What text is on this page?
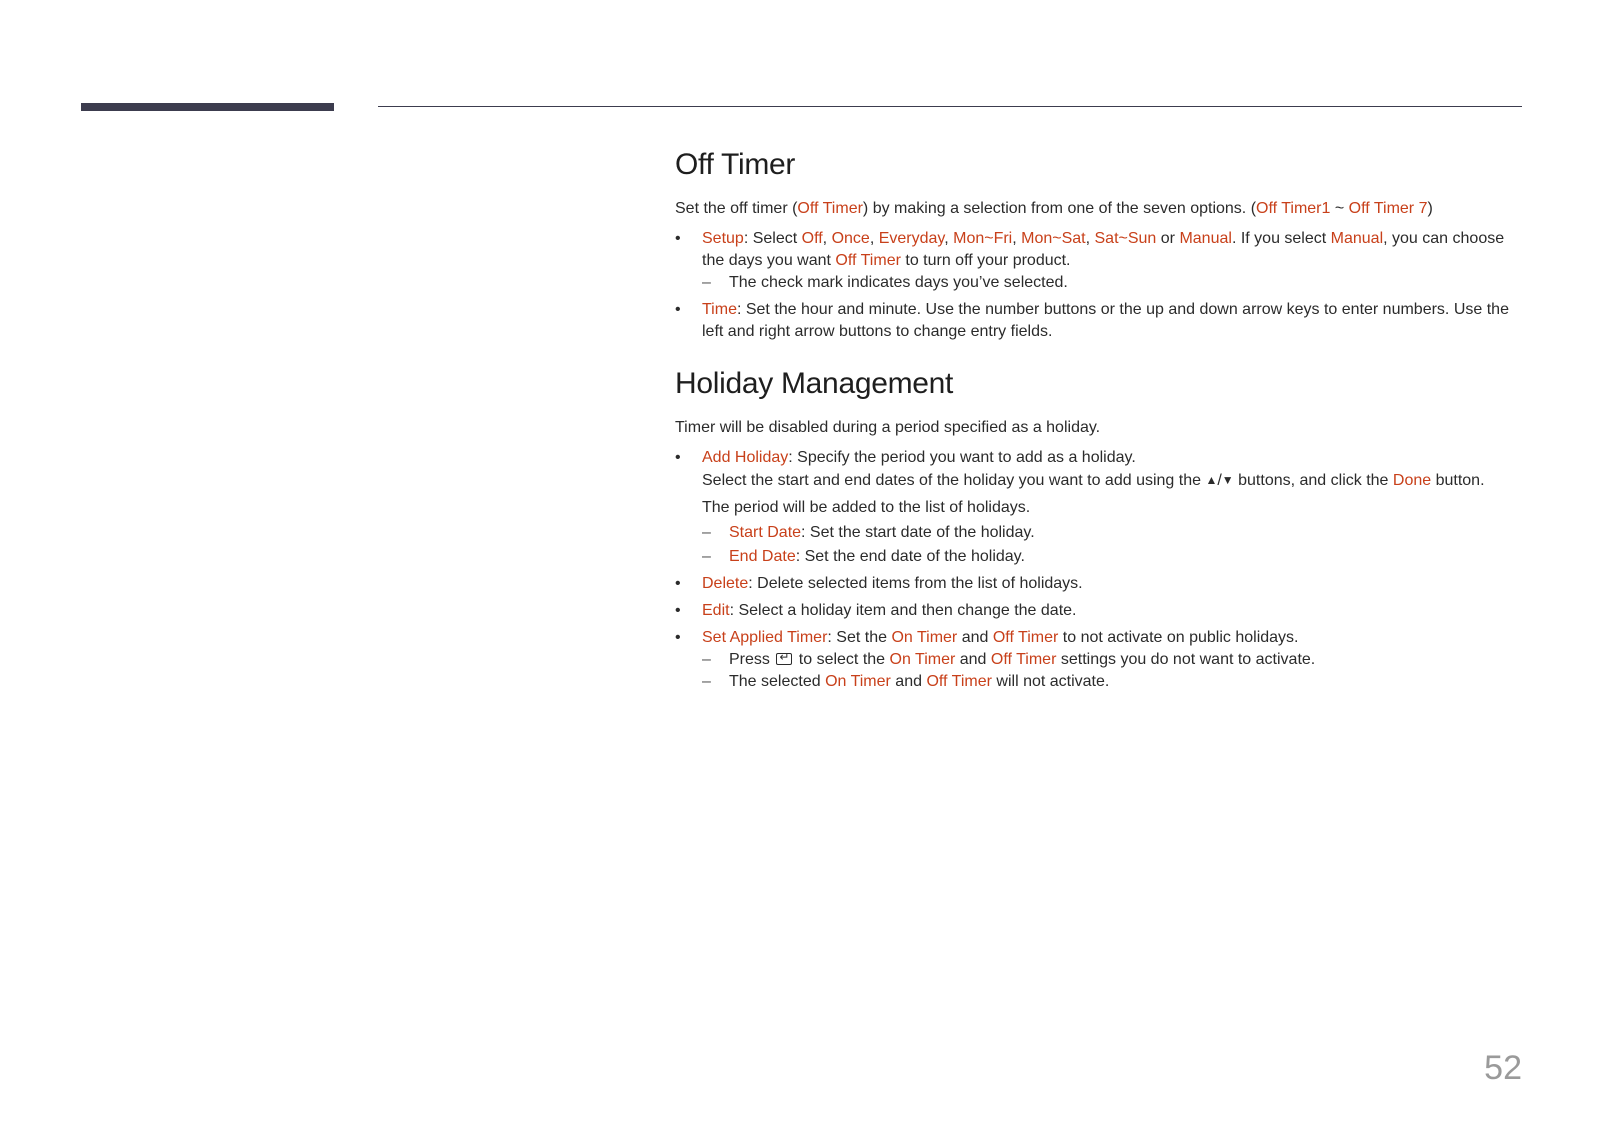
Off Timer

Set the off timer (Off Timer) by making a selection from one of the seven options. (Off Timer1 ~ Off Timer 7)

• Setup: Select Off, Once, Everyday, Mon~Fri, Mon~Sat, Sat~Sun or Manual. If you select Manual, you can choose the days you want Off Timer to turn off your product.
– The check mark indicates days you’ve selected.
• Time: Set the hour and minute. Use the number buttons or the up and down arrow keys to enter numbers. Use the left and right arrow buttons to change entry fields.
Holiday Management

Timer will be disabled during a period specified as a holiday.

• Add Holiday: Specify the period you want to add as a holiday.
Select the start and end dates of the holiday you want to add using the ▲/▼ buttons, and click the Done button.
The period will be added to the list of holidays.
– Start Date: Set the start date of the holiday.
– End Date: Set the end date of the holiday.
• Delete: Delete selected items from the list of holidays.
• Edit: Select a holiday item and then change the date.
• Set Applied Timer: Set the On Timer and Off Timer to not activate on public holidays.
– Press ↵ to select the On Timer and Off Timer settings you do not want to activate.
– The selected On Timer and Off Timer will not activate.
52
